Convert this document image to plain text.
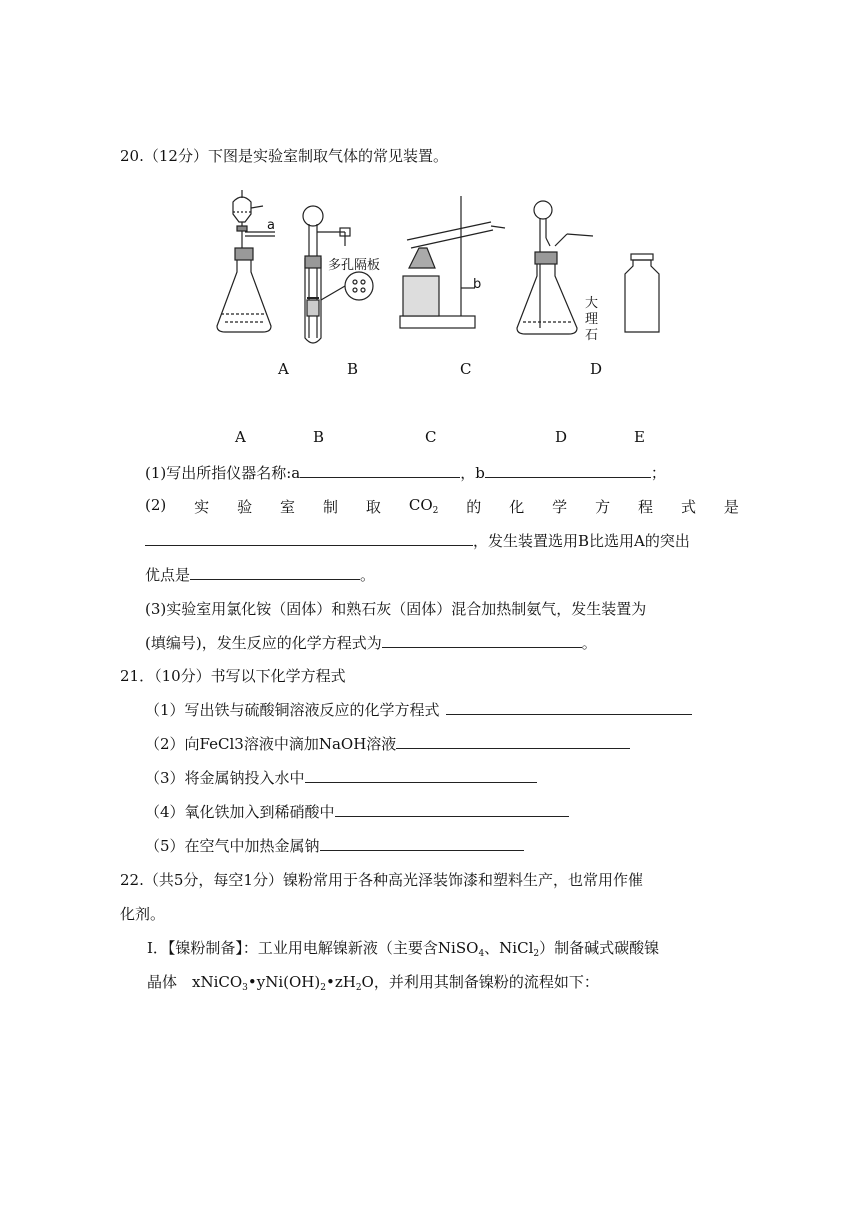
20.（12分）下图是实验室制取气体的常见装置。
a
b
多孔隔板
大
理
石
A	B	C	D
A	B	C	D	E
(1)写出所指仪器名称:a	，b	；
(2) 实 验 室 制 取 $CO_2$ 的 化 学 方 程 式 是
，发生装置选用B比选用A的突出
优点是	。
(3)实验室用氯化铵（固体）和熟石灰（固体）混合加热制氨气，发生装置为
(填编号)，发生反应的化学方程式为	。
21．（10分）书写以下化学方程式
（1）写出铁与硫酸铜溶液反应的化学方程式
（2）向FeCl3溶液中滴加NaOH溶液
（3）将金属钠投入水中
（4）氧化铁加入到稀硝酸中
（5）在空气中加热金属钠
22.（共5分，每空1分）镍粉常用于各种高光泽装饰漆和塑料生产，也常用作催
化剂。
I．【镍粉制备】：工业用电解镍新液（主要含NiSO$_4$、NiCl$_2$）制备碱式碳酸镍
晶体　$xNiCO_3•yNi(OH)_2•zH_2O$，并利用其制备镍粉的流程如下：
